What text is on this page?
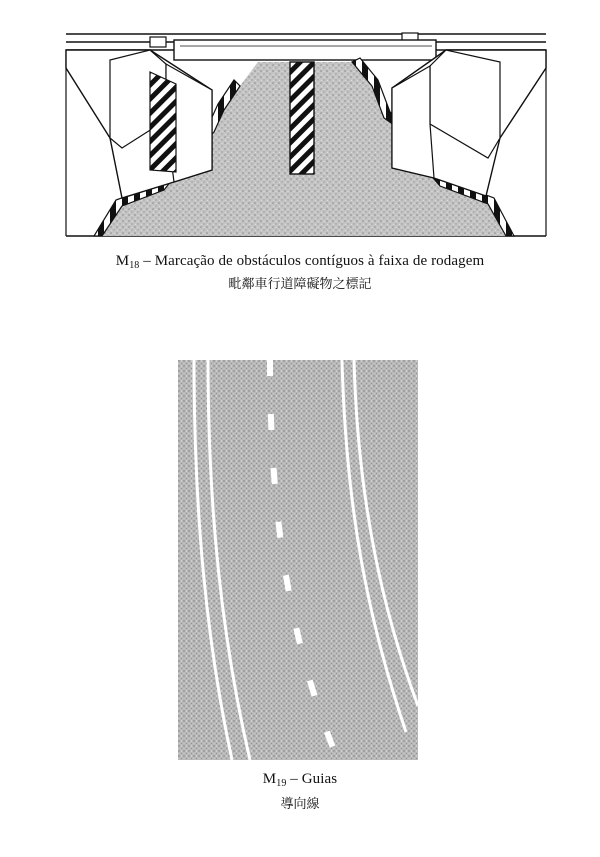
$M_{18}$ – Marcação de obstáculos contíguos à faixa de rodagem
毗鄰車行道障礙物之標記
$M_{19}$ – Guias
導向線
